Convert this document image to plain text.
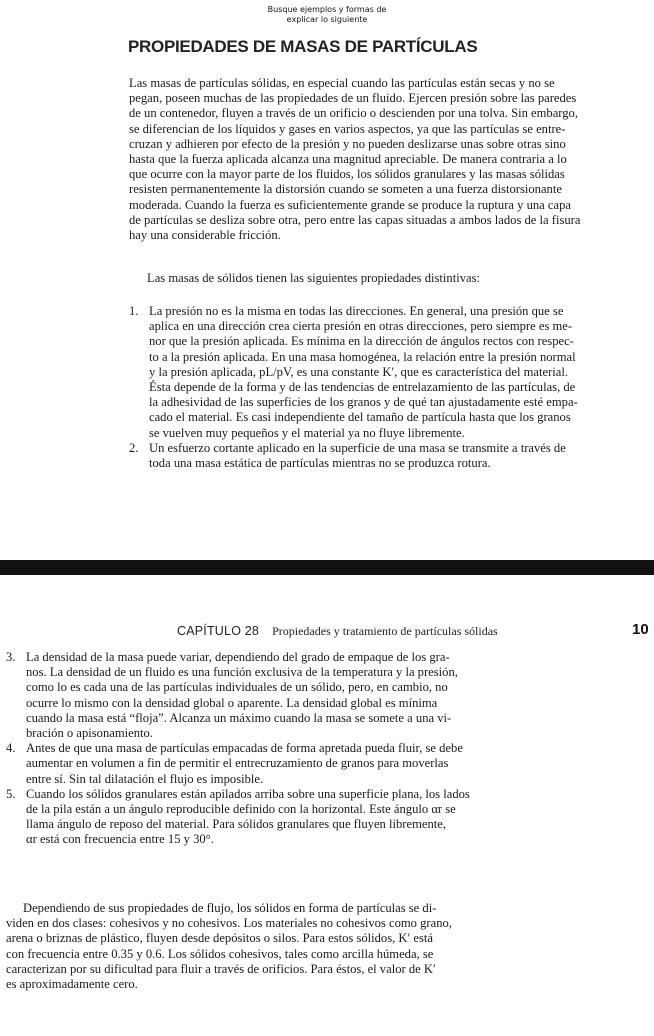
Busque ejemplos y formas de
explicar lo siguiente
PROPIEDADES DE MASAS DE PARTÍCULAS
Las masas de partículas sólidas, en especial cuando las partículas están secas y no se
pegan, poseen muchas de las propiedades de un fluido. Ejercen presión sobre las paredes
de un contenedor, fluyen a través de un orificio o descienden por una tolva. Sin embargo,
se diferencian de los líquidos y gases en varios aspectos, ya que las partículas se entre-
cruzan y adhieren por efecto de la presión y no pueden deslizarse unas sobre otras sino
hasta que la fuerza aplicada alcanza una magnitud apreciable. De manera contraria a lo
que ocurre con la mayor parte de los fluidos, los sólidos granulares y las masas sólidas
resisten permanentemente la distorsión cuando se someten a una fuerza distorsionante
moderada. Cuando la fuerza es suficientemente grande se produce la ruptura y una capa
de partículas se desliza sobre otra, pero entre las capas situadas a ambos lados de la fisura
hay una considerable fricción.

Las masas de sólidos tienen las siguientes propiedades distintivas:

1. La presión no es la misma en todas las direcciones. En general, una presión que se
aplica en una dirección crea cierta presión en otras direcciones, pero siempre es me-
nor que la presión aplicada. Es mínima en la dirección de ángulos rectos con respec-
to a la presión aplicada. En una masa homogénea, la relación entre la presión normal
y la presión aplicada, pL/pV, es una constante K′, que es característica del material.
Ésta depende de la forma y de las tendencias de entrelazamiento de las partículas, de
la adhesividad de las superficies de los granos y de qué tan ajustadamente esté empa-
cado el material. Es casi independiente del tamaño de partícula hasta que los granos
se vuelven muy pequeños y el material ya no fluye libremente.
2. Un esfuerzo cortante aplicado en la superficie de una masa se transmite a través de
toda una masa estática de partículas mientras no se produzca rotura.
CAPÍTULO 28 Propiedades y tratamiento de partículas sólidas	10
3. La densidad de la masa puede variar, dependiendo del grado de empaque de los gra-
nos. La densidad de un fluido es una función exclusiva de la temperatura y la presión,
como lo es cada una de las partículas individuales de un sólido, pero, en cambio, no
ocurre lo mismo con la densidad global o aparente. La densidad global es mínima
cuando la masa está “floja”. Alcanza un máximo cuando la masa se somete a una vi-
bración o apisonamiento.
4. Antes de que una masa de partículas empacadas de forma apretada pueda fluir, se debe
aumentar en volumen a fin de permitir el entrecruzamiento de granos para moverlas
entre sí. Sin tal dilatación el flujo es imposible.
5. Cuando los sólidos granulares están apilados arriba sobre una superficie plana, los lados
de la pila están a un ángulo reproducible definido con la horizontal. Este ángulo αr se
llama ángulo de reposo del material. Para sólidos granulares que fluyen libremente,
αr está con frecuencia entre 15 y 30°.
Dependiendo de sus propiedades de flujo, los sólidos en forma de partículas se di-
viden en dos clases: cohesivos y no cohesivos. Los materiales no cohesivos como grano,
arena o briznas de plástico, fluyen desde depósitos o silos. Para estos sólidos, K′ está
con frecuencia entre 0.35 y 0.6. Los sólidos cohesivos, tales como arcilla húmeda, se
caracterizan por su dificultad para fluir a través de orificios. Para éstos, el valor de K′
es aproximadamente cero.
